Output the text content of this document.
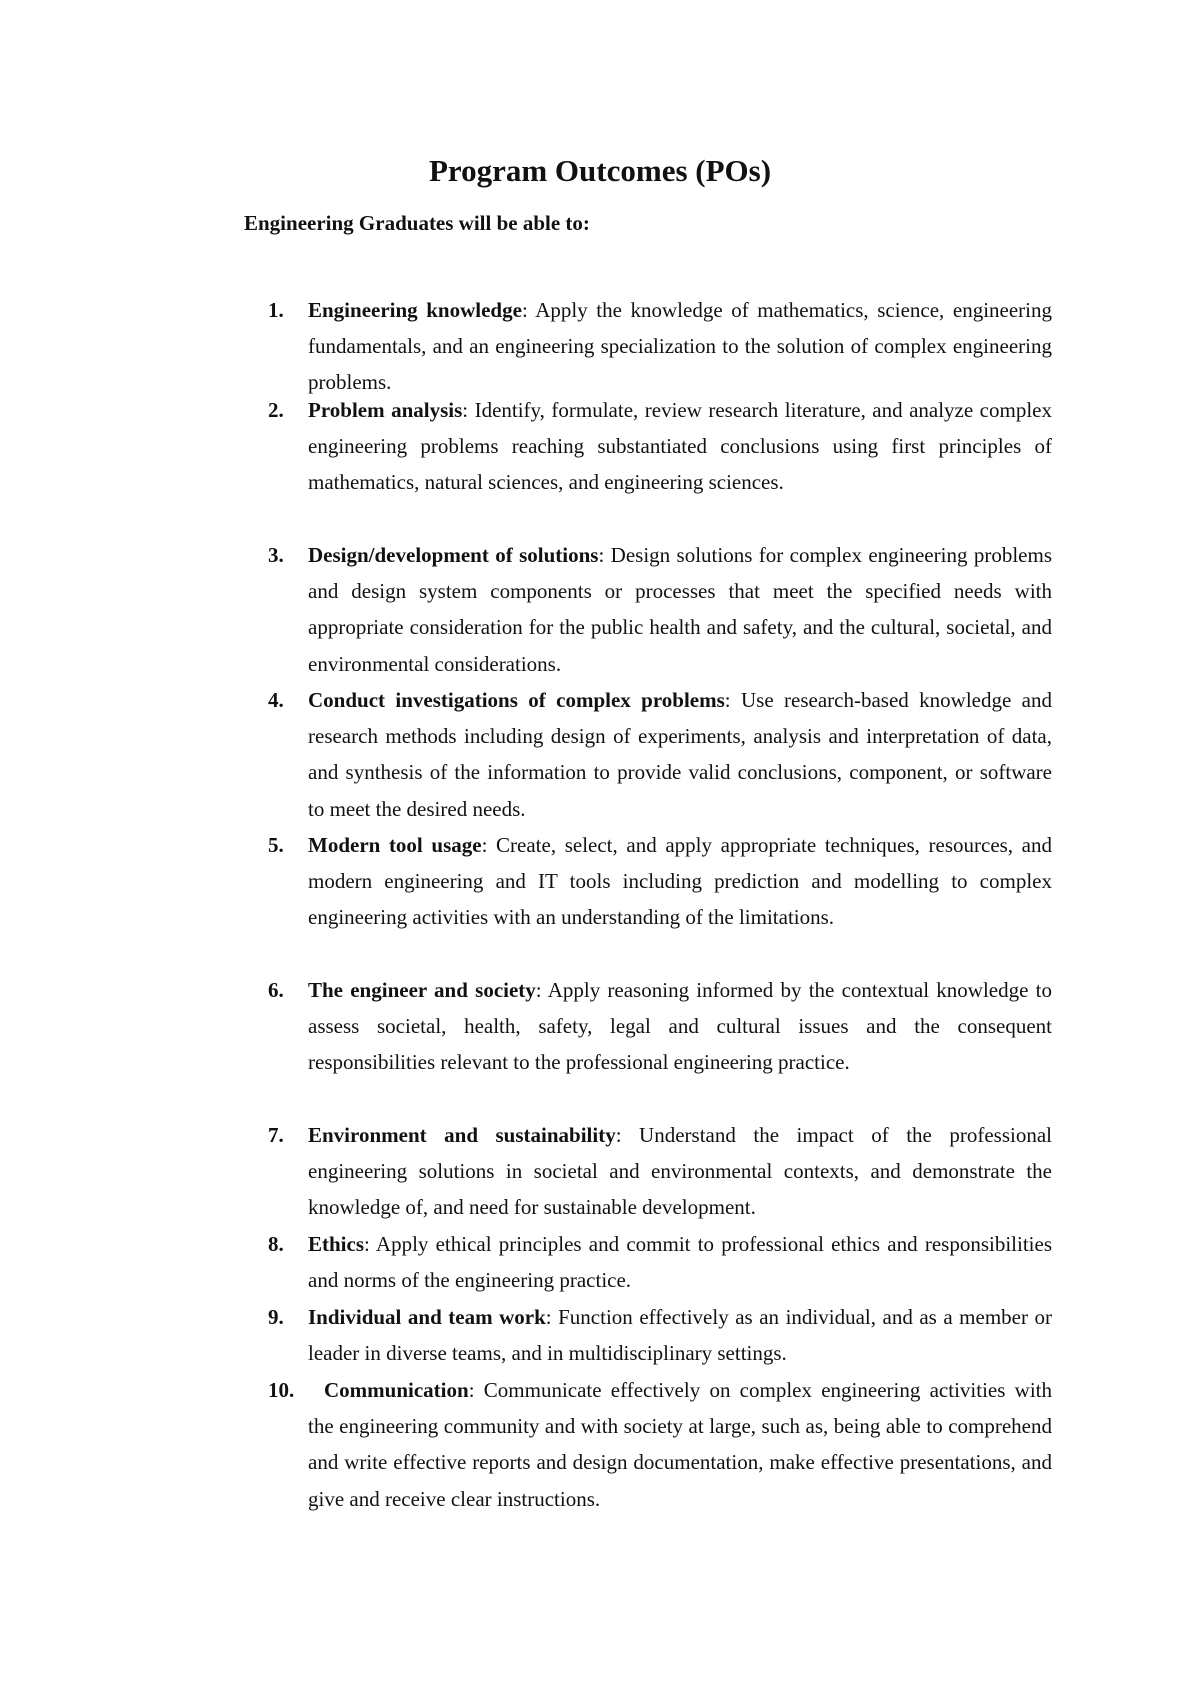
Program Outcomes (POs)

Engineering Graduates will be able to:

1. Engineering knowledge: Apply the knowledge of mathematics, science, engineering fundamentals, and an engineering specialization to the solution of complex engineering problems.
2. Problem analysis: Identify, formulate, review research literature, and analyze complex engineering problems reaching substantiated conclusions using first principles of mathematics, natural sciences, and engineering sciences.
3. Design/development of solutions: Design solutions for complex engineering problems and design system components or processes that meet the specified needs with appropriate consideration for the public health and safety, and the cultural, societal, and environmental considerations.
4. Conduct investigations of complex problems: Use research-based knowledge and research methods including design of experiments, analysis and interpretation of data, and synthesis of the information to provide valid conclusions, component, or software to meet the desired needs.
5. Modern tool usage: Create, select, and apply appropriate techniques, resources, and modern engineering and IT tools including prediction and modelling to complex engineering activities with an understanding of the limitations.
6. The engineer and society: Apply reasoning informed by the contextual knowledge to assess societal, health, safety, legal and cultural issues and the consequent responsibilities relevant to the professional engineering practice.
7. Environment and sustainability: Understand the impact of the professional engineering solutions in societal and environmental contexts, and demonstrate the knowledge of, and need for sustainable development.
8. Ethics: Apply ethical principles and commit to professional ethics and responsibilities and norms of the engineering practice.
9. Individual and team work: Function effectively as an individual, and as a member or leader in diverse teams, and in multidisciplinary settings.
10.	Communication: Communicate effectively on complex engineering activities with the engineering community and with society at large, such as, being able to comprehend and write effective reports and design documentation, make effective presentations, and give and receive clear instructions.
